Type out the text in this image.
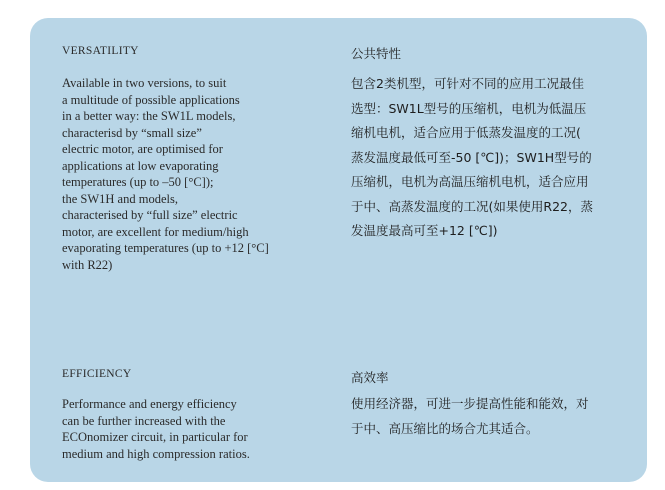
VERSATILITY
Available in two versions, to suit
a multitude of possible applications
in a better way: the SW1L models,
characterisd by “small size”
electric motor, are optimised for
applications at low evaporating
temperatures (up to –50 [°C]);
the SW1H and models,
characterised by “full size” electric
motor, are excellent for medium/high
evaporating temperatures (up to +12 [°C]
with R22)
公共特性
包含2类机型，可针对不同的应用工况最佳
选型：SW1L型号的压缩机，电机为低温压
缩机电机，适合应用于低蒸发温度的工况(
蒸发温度最低可至-50 [℃])；SW1H型号的
压缩机，电机为高温压缩机电机，适合应用
于中、高蒸发温度的工况(如果使用R22，蒸
发温度最高可至+12 [℃])
EFFICIENCY
Performance and energy efficiency
can be further increased with the
ECOnomizer circuit, in particular for
medium and high compression ratios.
高效率
使用经济器，可进一步提高性能和能效，对
于中、高压缩比的场合尤其适合。
